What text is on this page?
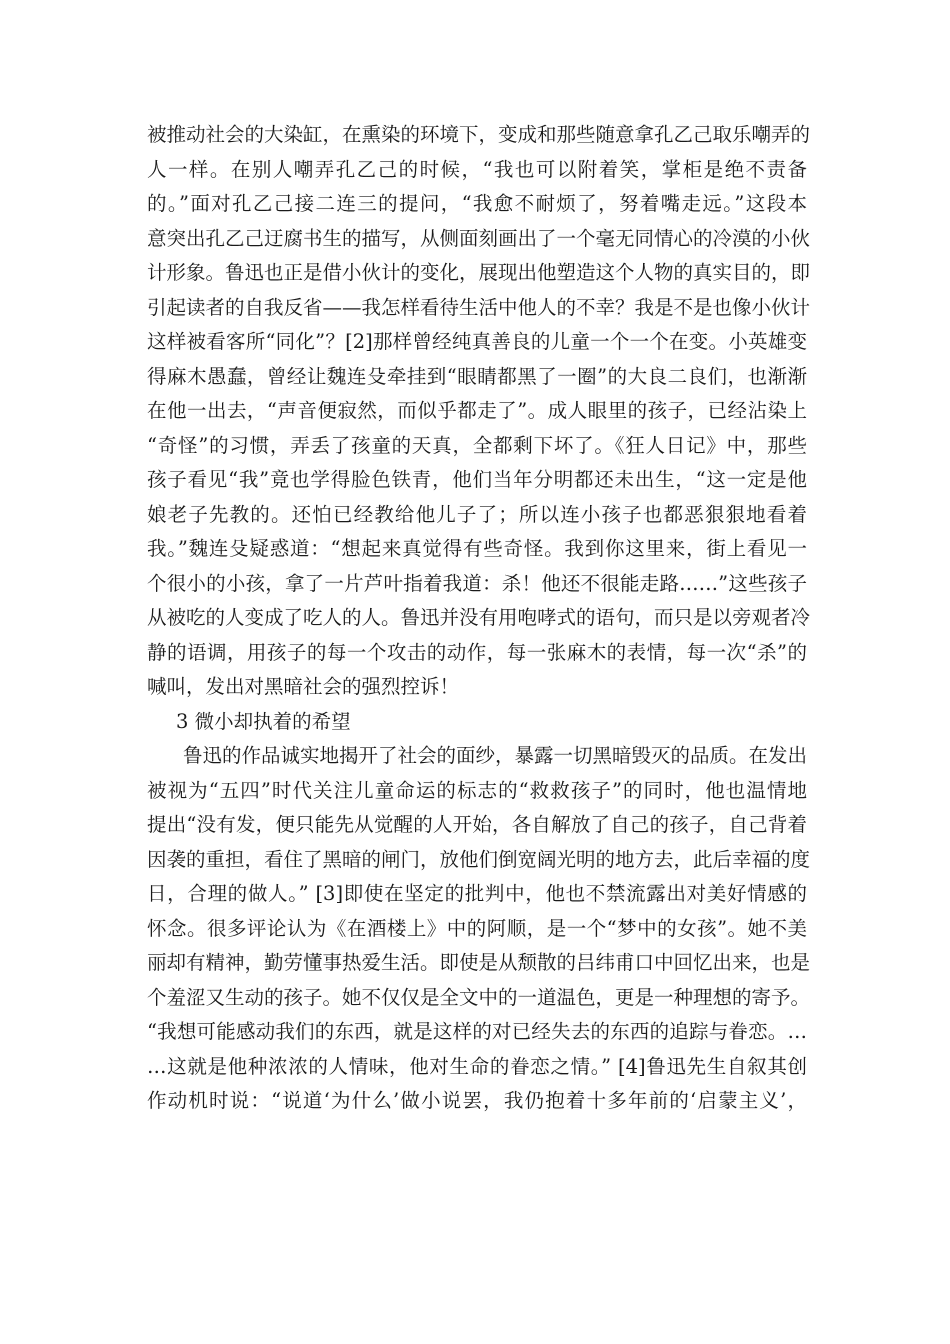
被推动社会的大染缸，在熏染的环境下，变成和那些随意拿孔乙己取乐嘲弄的
人一样。在别人嘲弄孔乙己的时候，“我也可以附着笑，掌柜是绝不责备
的。”面对孔乙己接二连三的提问，“我愈不耐烦了，努着嘴走远。”这段本
意突出孔乙己迂腐书生的描写，从侧面刻画出了一个毫无同情心的冷漠的小伙
计形象。鲁迅也正是借小伙计的变化，展现出他塑造这个人物的真实目的，即
引起读者的自我反省——我怎样看待生活中他人的不幸？我是不是也像小伙计
这样被看客所“同化”？[2]那样曾经纯真善良的儿童一个一个在变。小英雄变
得麻木愚蠢，曾经让魏连殳牵挂到“眼睛都黑了一圈”的大良二良们，也渐渐
在他一出去，“声音便寂然，而似乎都走了”。成人眼里的孩子，已经沾染上
“奇怪”的习惯，弄丢了孩童的天真，全都剩下坏了。《狂人日记》中，那些
孩子看见“我”竟也学得脸色铁青，他们当年分明都还未出生，“这一定是他
娘老子先教的。还怕已经教给他儿子了；所以连小孩子也都恶狠狠地看着
我。”魏连殳疑惑道：“想起来真觉得有些奇怪。我到你这里来，街上看见一
个很小的小孩，拿了一片芦叶指着我道：杀！他还不很能走路……”这些孩子
从被吃的人变成了吃人的人。鲁迅并没有用咆哮式的语句，而只是以旁观者冷
静的语调，用孩子的每一个攻击的动作，每一张麻木的表情，每一次“杀”的
喊叫，发出对黑暗社会的强烈控诉！
3 微小却执着的希望
鲁迅的作品诚实地揭开了社会的面纱，暴露一切黑暗毁灭的品质。在发出
被视为“五四”时代关注儿童命运的标志的“救救孩子”的同时，他也温情地
提出“没有发，便只能先从觉醒的人开始，各自解放了自己的孩子，自己背着
因袭的重担，看住了黑暗的闸门，放他们倒宽阔光明的地方去，此后幸福的度
日，合理的做人。” [3]即使在坚定的批判中，他也不禁流露出对美好情感的
怀念。很多评论认为《在酒楼上》中的阿顺，是一个“梦中的女孩”。她不美
丽却有精神，勤劳懂事热爱生活。即使是从颓散的吕纬甫口中回忆出来，也是
个羞涩又生动的孩子。她不仅仅是全文中的一道温色，更是一种理想的寄予。
“我想可能感动我们的东西，就是这样的对已经失去的东西的追踪与眷恋。…
…这就是他种浓浓的人情味，他对生命的眷恋之情。” [4]鲁迅先生自叙其创
作动机时说：“说道‘为什么’做小说罢，我仍抱着十多年前的‘启蒙主义’，
